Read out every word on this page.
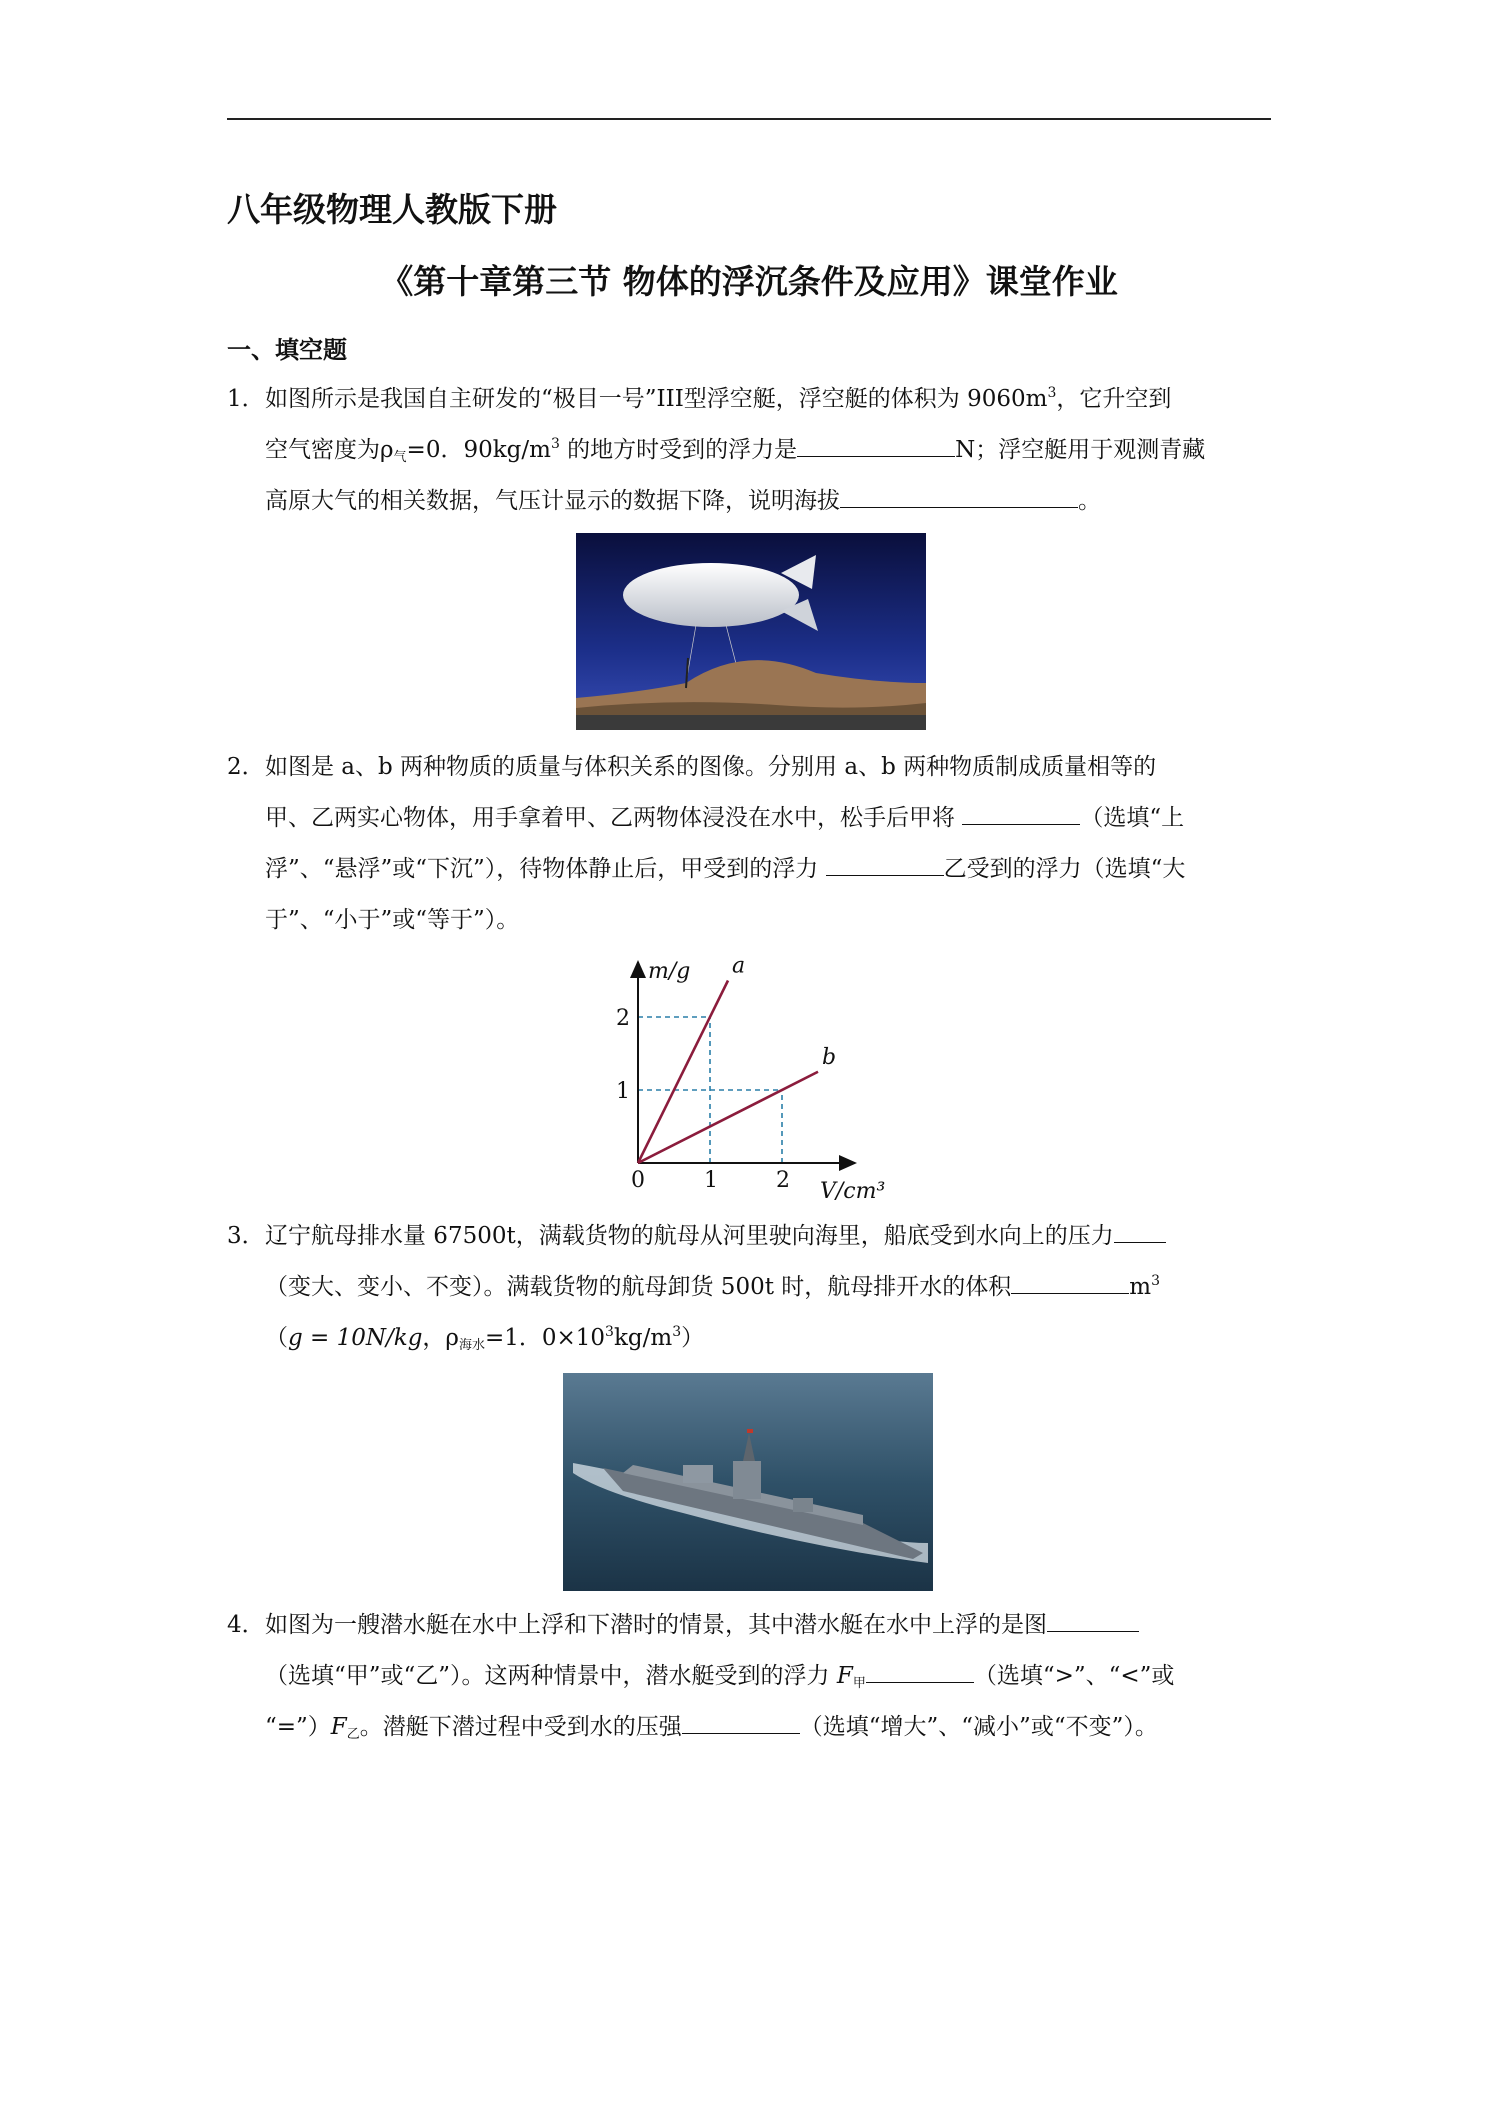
八年级物理人教版下册
《第十章第三节 物体的浮沉条件及应用》课堂作业
一、填空题
1． 如图所示是我国自主研发的“极目一号”III型浮空艇，浮空艇的体积为 $9060m^3$，它升空到
空气密度为$\rho_气=0$．$90kg/m^3$ 的地方时受到的浮力是	N；浮空艇用于观测青藏
高原大气的相关数据，气压计显示的数据下降，说明海拔	。
2． 如图是 a、b 两种物质的质量与体积关系的图像。分别用 a、b 两种物质制成质量相等的
甲、乙两实心物体，用手拿着甲、乙两物体浸没在水中，松手后甲将	（选填“上
浮”、“悬浮”或“下沉”），待物体静止后，甲受到的浮力	乙受到的浮力（选填“大
于”、“小于”或“等于”）。
a
b
0	1	2
1
2
m/g
V/cm³
3． 辽宁航母排水量 67500t，满载货物的航母从河里驶向海里，船底受到水向上的压力
（变大、变小、不变）。满载货物的航母卸货 500t 时，航母排开水的体积	$m^3$
（g = 10N/kg，$\rho_{海水}=1$．$0\times 10^3kg/m^3$）
4． 如图为一艘潜水艇在水中上浮和下潜时的情景，其中潜水艇在水中上浮的是图
（选填“甲”或“乙”）。这两种情景中，潜水艇受到的浮力 $F_甲$	（选填“>”、“<”或
“$=”)F_乙$。潜艇下潜过程中受到水的压强	（选填“增大”、“减小”或“不变”）。
